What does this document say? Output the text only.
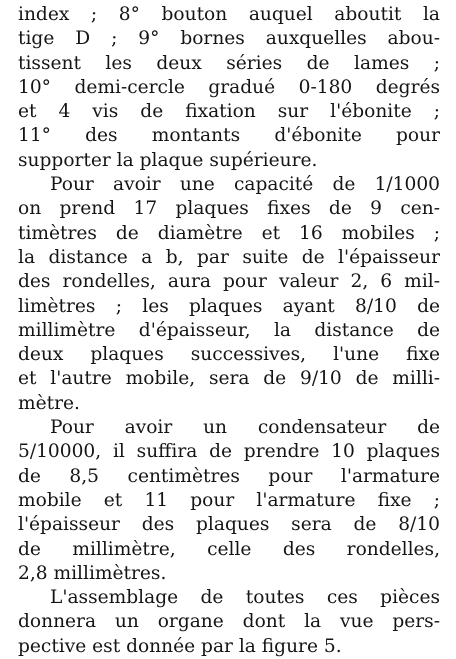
index ; 8° bouton auquel aboutit la
tige D ; 9° bornes auxquelles abou-
tissent les deux séries de lames ;
10° demi-cercle gradué 0-180 degrés
et 4 vis de fixation sur l'ébonite ;
11° des montants d'ébonite pour
supporter la plaque supérieure.
Pour avoir une capacité de 1/1000
on prend 17 plaques fixes de 9 cen-
timètres de diamètre et 16 mobiles ;
la distance a b, par suite de l'épaisseur
des rondelles, aura pour valeur 2, 6 mil-
limètres ; les plaques ayant 8/10 de
millimètre d'épaisseur, la distance de
deux plaques successives, l'une fixe
et l'autre mobile, sera de 9/10 de milli-
mètre.
Pour avoir un condensateur de
5/10000, il suffira de prendre 10 plaques
de 8,5 centimètres pour l'armature
mobile et 11 pour l'armature fixe ;
l'épaisseur des plaques sera de 8/10
de millimètre, celle des rondelles,
2,8 millimètres.
L'assemblage de toutes ces pièces
donnera un organe dont la vue pers-
pective est donnée par la figure 5.
